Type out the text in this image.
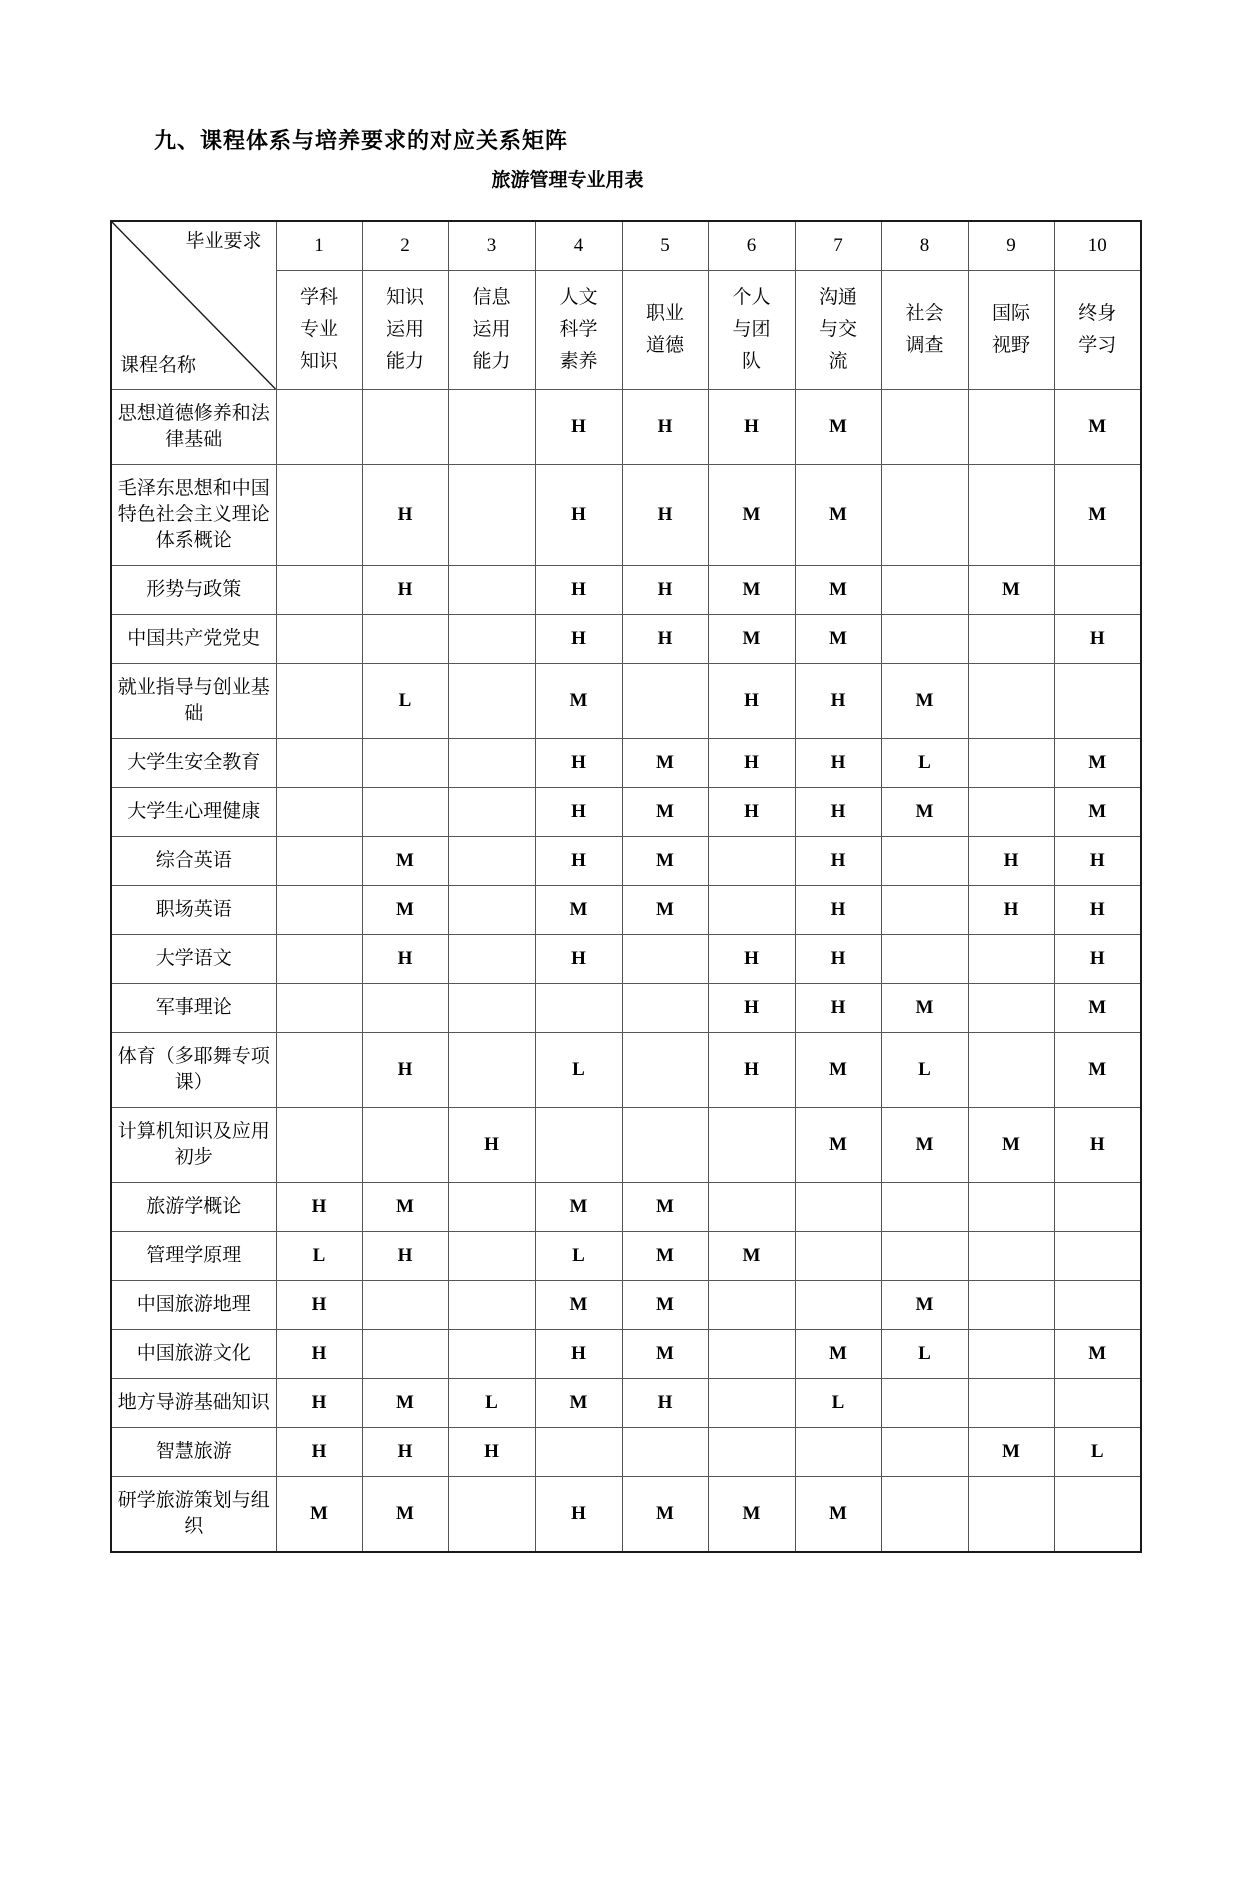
九、课程体系与培养要求的对应关系矩阵
旅游管理专业用表
毕业要求
课程名称	1	2	3	4	5	6	7	8	9	10
	学科专业知识	知识运用能力	信息运用能力	人文科学素养	职业道德	个人与团队	沟通与交流	社会调查	国际视野	终身学习
思想道德修养和法律基础				H	H	H	M			M
毛泽东思想和中国特色社会主义理论体系概论		H		H	H	M	M			M
形势与政策		H		H	H	M	M		M	
中国共产党党史				H	H	M	M			H
就业指导与创业基础		L		M		H	H	M		
大学生安全教育				H	M	H	H	L		M
大学生心理健康				H	M	H	H	M		M
综合英语		M		H	M		H		H	H
职场英语		M		M	M		H		H	H
大学语文		H		H		H	H			H
军事理论						H	H	M		M
体育（多耶舞专项课）		H		L		H	M	L		M
计算机知识及应用初步			H				M	M	M	H
旅游学概论	H	M		M	M					
管理学原理	L	H		L	M	M				
中国旅游地理	H			M	M			M		
中国旅游文化	H			H	M		M	L		M
地方导游基础知识	H	M	L	M	H		L			
智慧旅游	H	H	H						M	L
研学旅游策划与组织	M	M		H	M	M	M			
